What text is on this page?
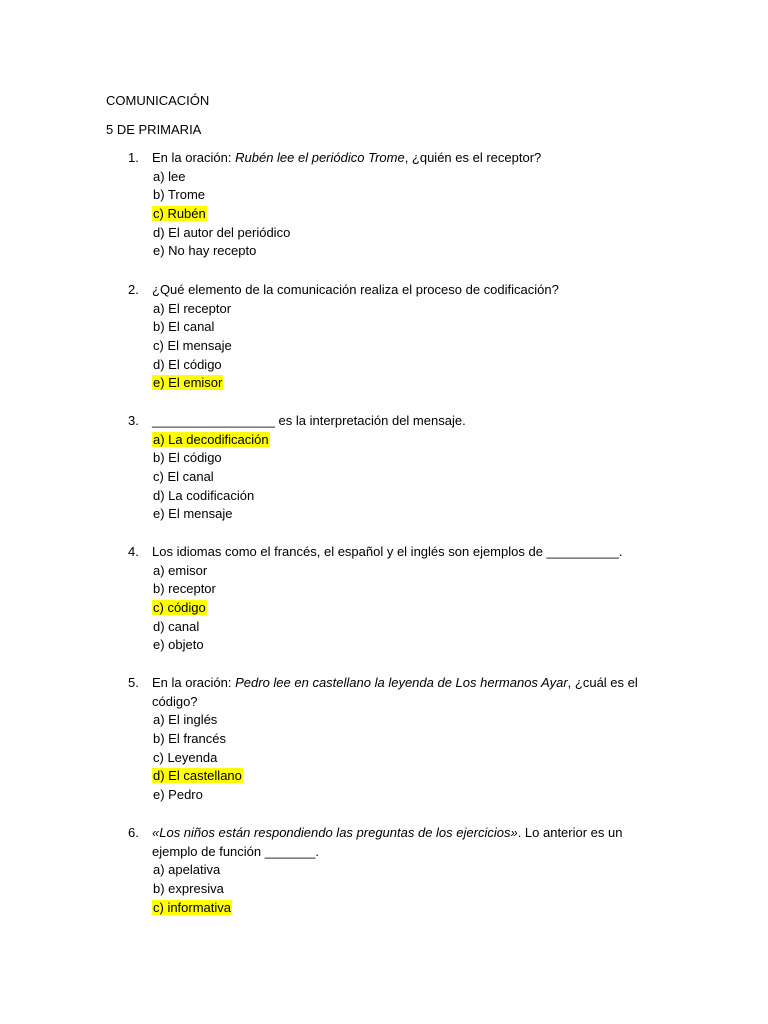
COMUNICACIÓN
5 DE PRIMARIA
1.	En la oración: Rubén lee el periódico Trome, ¿quién es el receptor?
a) lee
b) Trome
c) Rubén
d) El autor del periódico
e) No hay recepto
2.	¿Qué elemento de la comunicación realiza el proceso de codificación?
a) El receptor
b) El canal
c) El mensaje
d) El código
e) El emisor
3.	_________________ es la interpretación del mensaje.
a) La decodificación
b) El código
c) El canal
d) La codificación
e) El mensaje
4.	Los idiomas como el francés, el español y el inglés son ejemplos de __________.
a) emisor
b) receptor
c) código
d) canal
e) objeto
5.	En la oración: Pedro lee en castellano la leyenda de Los hermanos Ayar, ¿cuál es el código?
a) El inglés
b) El francés
c) Leyenda
d) El castellano
e) Pedro
6.	«Los niños están respondiendo las preguntas de los ejercicios». Lo anterior es un ejemplo de función _______.
a) apelativa
b) expresiva
c) informativa
